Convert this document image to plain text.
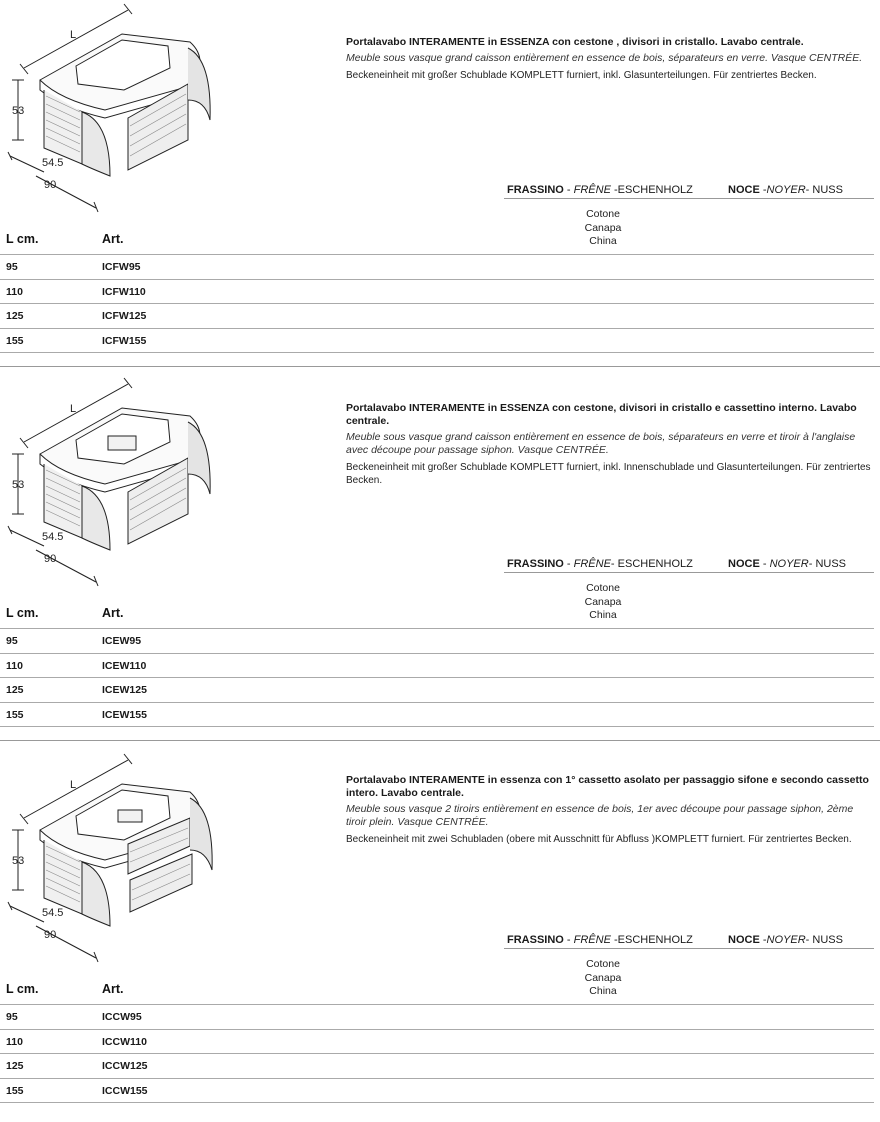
L
53
54.5
90

Portalavabo INTERAMENTE in ESSENZA con cestone , divisori in cristallo. Lavabo centrale.

Meuble sous vasque grand caisson entièrement en essence de bois, séparateurs en verre. Vasque CENTRÉE.

Beckeneinheit mit großer Schublade KOMPLETT furniert, inkl. Glasunterteilungen. Für zentriertes Becken.

FRASSINO - FRÊNE -ESCHENHOLZ	NOCE -NOYER- NUSS
Cotone
Canapa
China
L cm.	Art.
95	ICFW95
110	ICFW110
125	ICFW125
155	ICFW155
L
53
54.5
90

Portalavabo INTERAMENTE in ESSENZA con cestone, divisori in cristallo e cassettino interno. Lavabo centrale.

Meuble sous vasque grand caisson entièrement en essence de bois, séparateurs en verre et tiroir à l'anglaise avec découpe pour passage siphon. Vasque CENTRÉE.

Beckeneinheit mit großer Schublade KOMPLETT furniert, inkl. Innenschublade und Glasunterteilungen. Für zentriertes Becken.

FRASSINO - FRÊNE- ESCHENHOLZ	NOCE - NOYER- NUSS
Cotone
Canapa
China
L cm.	Art.
95	ICEW95
110	ICEW110
125	ICEW125
155	ICEW155
L
53
54.5
90

Portalavabo INTERAMENTE in essenza con 1° cassetto asolato per passaggio sifone e secondo cassetto intero. Lavabo centrale.

Meuble sous vasque 2 tiroirs entièrement en essence de bois, 1er avec découpe pour passage siphon, 2ème tiroir plein. Vasque CENTRÉE.

Beckeneinheit mit zwei Schubladen (obere mit Ausschnitt für Abfluss )KOMPLETT furniert. Für zentriertes Becken.

FRASSINO - FRÊNE -ESCHENHOLZ	NOCE -NOYER- NUSS
Cotone
Canapa
China
L cm.	Art.
95	ICCW95
110	ICCW110
125	ICCW125
155	ICCW155
